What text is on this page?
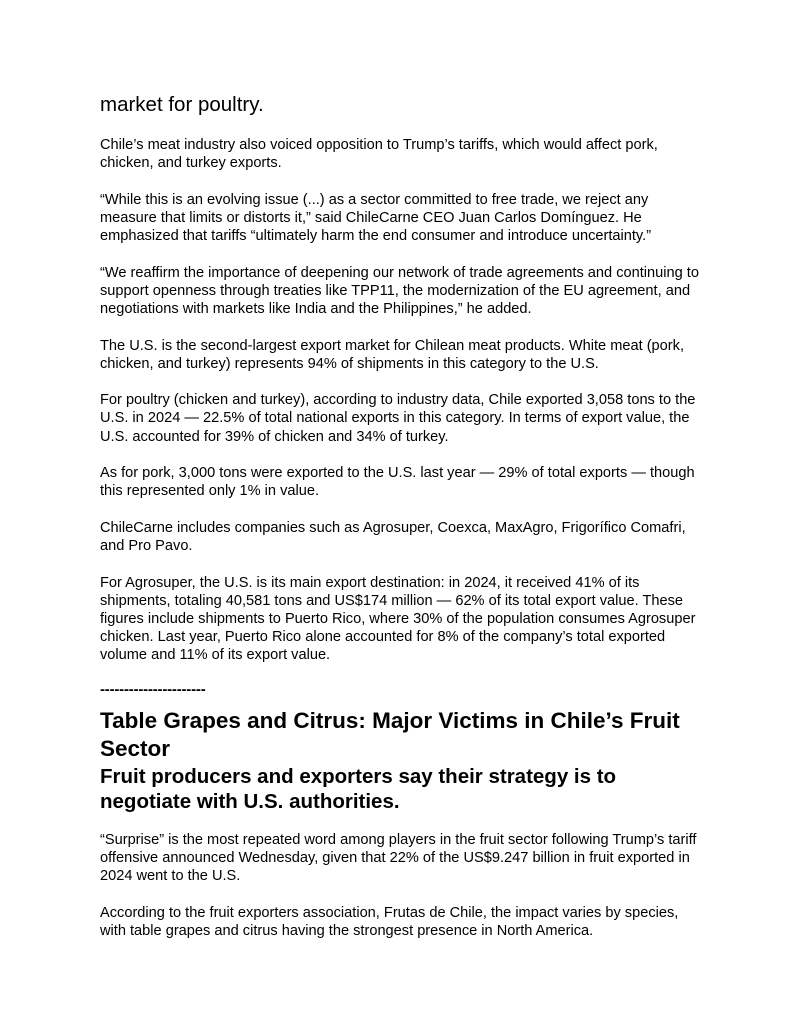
market for poultry.

Chile’s meat industry also voiced opposition to Trump’s tariffs, which would affect pork, chicken, and turkey exports.

“While this is an evolving issue (...) as a sector committed to free trade, we reject any measure that limits or distorts it,” said ChileCarne CEO Juan Carlos Domínguez. He emphasized that tariffs “ultimately harm the end consumer and introduce uncertainty.”

“We reaffirm the importance of deepening our network of trade agreements and continuing to support openness through treaties like TPP11, the modernization of the EU agreement, and negotiations with markets like India and the Philippines,” he added.

The U.S. is the second-largest export market for Chilean meat products. White meat (pork, chicken, and turkey) represents 94% of shipments in this category to the U.S.

For poultry (chicken and turkey), according to industry data, Chile exported 3,058 tons to the U.S. in 2024 — 22.5% of total national exports in this category. In terms of export value, the U.S. accounted for 39% of chicken and 34% of turkey.

As for pork, 3,000 tons were exported to the U.S. last year — 29% of total exports — though this represented only 1% in value.

ChileCarne includes companies such as Agrosuper, Coexca, MaxAgro, Frigorífico Comafri, and Pro Pavo.

For Agrosuper, the U.S. is its main export destination: in 2024, it received 41% of its shipments, totaling 40,581 tons and US$174 million — 62% of its total export value. These figures include shipments to Puerto Rico, where 30% of the population consumes Agrosuper chicken. Last year, Puerto Rico alone accounted for 8% of the company’s total exported volume and 11% of its export value.

----------------------

Table Grapes and Citrus: Major Victims in Chile’s Fruit Sector
Fruit producers and exporters say their strategy is to negotiate with U.S. authorities.

“Surprise” is the most repeated word among players in the fruit sector following Trump’s tariff offensive announced Wednesday, given that 22% of the US$9.247 billion in fruit exported in 2024 went to the U.S.

According to the fruit exporters association, Frutas de Chile, the impact varies by species, with table grapes and citrus having the strongest presence in North America.
